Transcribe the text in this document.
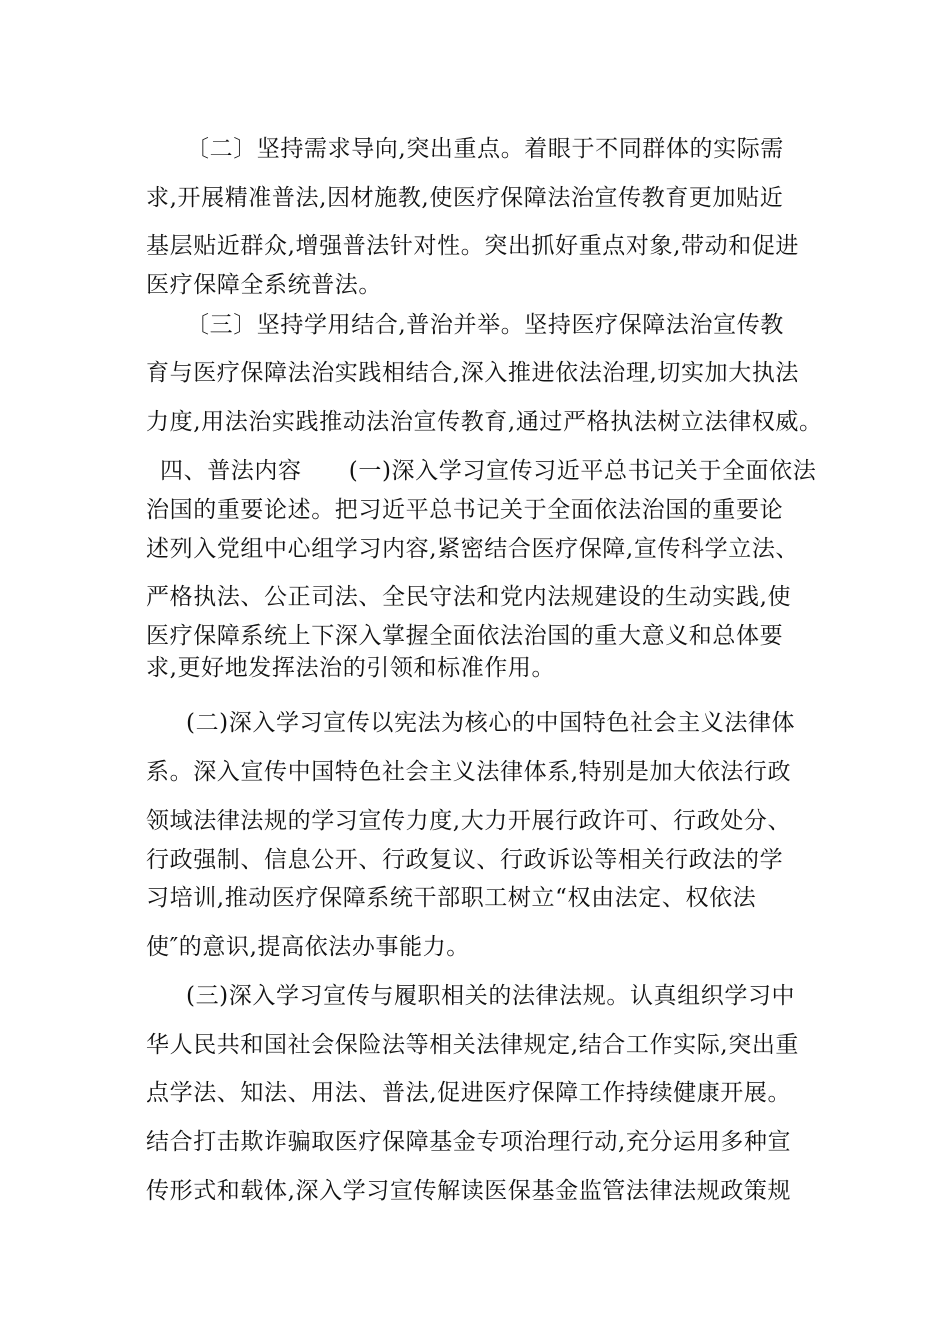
〔二〕坚持需求导向,突出重点。着眼于不同群体的实际需
求,开展精准普法,因材施教,使医疗保障法治宣传教育更加贴近
基层贴近群众,增强普法针对性。突出抓好重点对象,带动和促进
医疗保障全系统普法。
〔三〕坚持学用结合,普治并举。坚持医疗保障法治宣传教
育与医疗保障法治实践相结合,深入推进依法治理,切实加大执法
力度,用法治实践推动法治宣传教育,通过严格执法树立法律权威。
四、普法内容　　(一)深入学习宣传习近平总书记关于全面依法
治国的重要论述。把习近平总书记关于全面依法治国的重要论
述列入党组中心组学习内容,紧密结合医疗保障,宣传科学立法、
严格执法、公正司法、全民守法和党内法规建设的生动实践,使
医疗保障系统上下深入掌握全面依法治国的重大意义和总体要
求,更好地发挥法治的引领和标准作用。
(二)深入学习宣传以宪法为核心的中国特色社会主义法律体
系。深入宣传中国特色社会主义法律体系,特别是加大依法行政
领域法律法规的学习宣传力度,大力开展行政许可、行政处分、
行政强制、信息公开、行政复议、行政诉讼等相关行政法的学
习培训,推动医疗保障系统干部职工树立“权由法定、权依法
使″的意识,提高依法办事能力。
(三)深入学习宣传与履职相关的法律法规。认真组织学习中
华人民共和国社会保险法等相关法律规定,结合工作实际,突出重
点学法、知法、用法、普法,促进医疗保障工作持续健康开展。
结合打击欺诈骗取医疗保障基金专项治理行动,充分运用多种宣
传形式和载体,深入学习宣传解读医保基金监管法律法规政策规
